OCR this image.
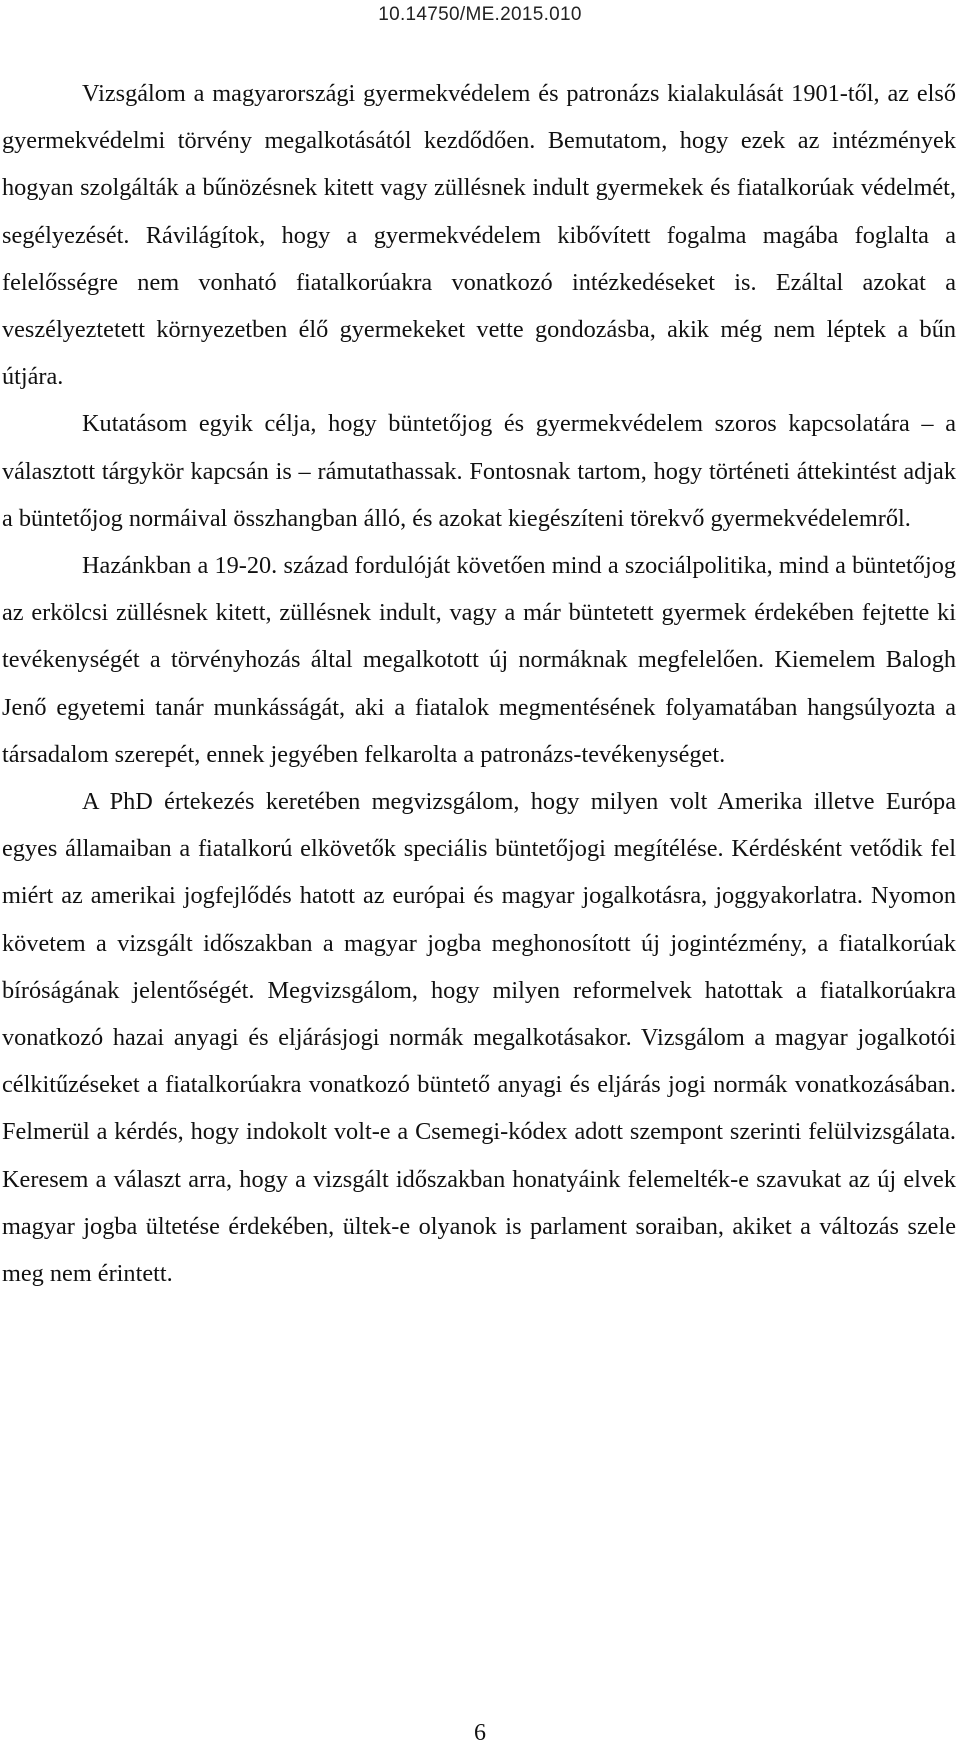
10.14750/ME.2015.010

Vizsgálom a magyarországi gyermekvédelem és patronázs kialakulását 1901-től, az első gyermekvédelmi törvény megalkotásától kezdődően. Bemutatom, hogy ezek az intézmények hogyan szolgálták a bűnözésnek kitett vagy züllésnek indult gyermekek és fiatalkorúak védelmét, segélyezését. Rávilágítok, hogy a gyermekvédelem kibővített fogalma magába foglalta a felelősségre nem vonható fiatalkorúakra vonatkozó intézkedéseket is. Ezáltal azokat a veszélyeztetett környezetben élő gyermekeket vette gondozásba, akik még nem léptek a bűn útjára.

Kutatásom egyik célja, hogy büntetőjog és gyermekvédelem szoros kapcsolatára – a választott tárgykör kapcsán is – rámutathassak. Fontosnak tartom, hogy történeti áttekintést adjak a büntetőjog normáival összhangban álló, és azokat kiegészíteni törekvő gyermekvédelemről.

Hazánkban a 19-20. század fordulóját követően mind a szociálpolitika, mind a büntetőjog az erkölcsi züllésnek kitett, züllésnek indult, vagy a már büntetett gyermek érdekében fejtette ki tevékenységét a törvényhozás által megalkotott új normáknak megfelelően. Kiemelem Balogh Jenő egyetemi tanár munkásságát, aki a fiatalok megmentésének folyamatában hangsúlyozta a társadalom szerepét, ennek jegyében felkarolta a patronázs-tevékenységet.

A PhD értekezés keretében megvizsgálom, hogy milyen volt Amerika illetve Európa egyes államaiban a fiatalkorú elkövetők speciális büntetőjogi megítélése. Kérdésként vetődik fel miért az amerikai jogfejlődés hatott az európai és magyar jogalkotásra, joggyakorlatra. Nyomon követem a vizsgált időszakban a magyar jogba meghonosított új jogintézmény, a fiatalkorúak bíróságának jelentőségét. Megvizsgálom, hogy milyen reformelvek hatottak a fiatalkorúakra vonatkozó hazai anyagi és eljárásjogi normák megalkotásakor. Vizsgálom a magyar jogalkotói célkitűzéseket a fiatalkorúakra vonatkozó büntető anyagi és eljárás jogi normák vonatkozásában. Felmerül a kérdés, hogy indokolt volt-e a Csemegi-kódex adott szempont szerinti felülvizsgálata. Keresem a választ arra, hogy a vizsgált időszakban honatyáink felemelték-e szavukat az új elvek magyar jogba ültetése érdekében, ültek-e olyanok is parlament soraiban, akiket a változás szele meg nem érintett.

6
